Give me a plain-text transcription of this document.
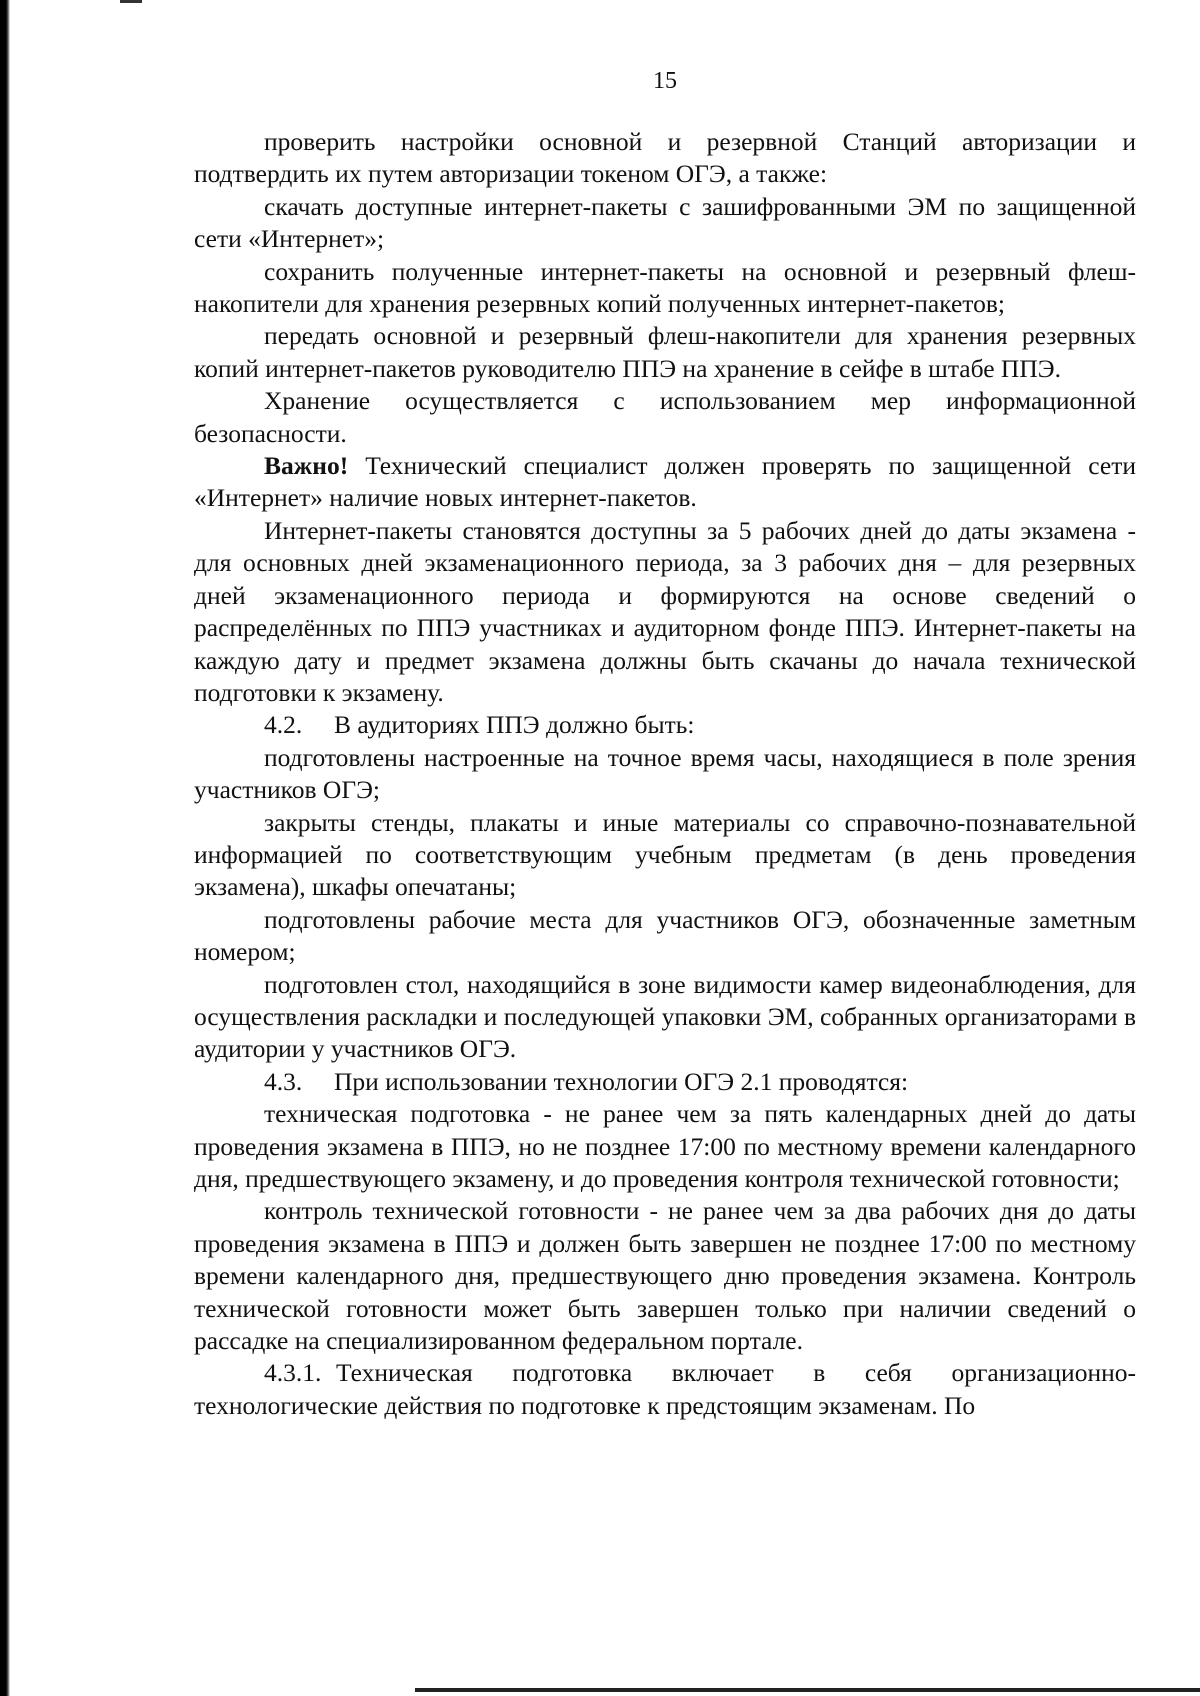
15

проверить настройки основной и резервной Станций авторизации и подтвердить их путем авторизации токеном ОГЭ, а также:

скачать доступные интернет-пакеты с зашифрованными ЭМ по защищенной сети «Интернет»;

сохранить полученные интернет-пакеты на основной и резервный флеш-накопители для хранения резервных копий полученных интернет-пакетов;

передать основной и резервный флеш-накопители для хранения резервных копий интернет-пакетов руководителю ППЭ на хранение в сейфе в штабе ППЭ.

Хранение осуществляется с использованием мер информационной безопасности.

Важно! Технический специалист должен проверять по защищенной сети «Интернет» наличие новых интернет-пакетов.

Интернет-пакеты становятся доступны за 5 рабочих дней до даты экзамена - для основных дней экзаменационного периода, за 3 рабочих дня – для резервных дней экзаменационного периода и формируются на основе сведений о распределённых по ППЭ участниках и аудиторном фонде ППЭ. Интернет-пакеты на каждую дату и предмет экзамена должны быть скачаны до начала технической подготовки к экзамену.

4.2. В аудиториях ППЭ должно быть:

подготовлены настроенные на точное время часы, находящиеся в поле зрения участников ОГЭ;

закрыты стенды, плакаты и иные материалы со справочно-познавательной информацией по соответствующим учебным предметам (в день проведения экзамена), шкафы опечатаны;

подготовлены рабочие места для участников ОГЭ, обозначенные заметным номером;

подготовлен стол, находящийся в зоне видимости камер видеонаблюдения, для осуществления раскладки и последующей упаковки ЭМ, собранных организаторами в аудитории у участников ОГЭ.

4.3. При использовании технологии ОГЭ 2.1 проводятся:

техническая подготовка - не ранее чем за пять календарных дней до даты проведения экзамена в ППЭ, но не позднее 17:00 по местному времени календарного дня, предшествующего экзамену, и до проведения контроля технической готовности;

контроль технической готовности - не ранее чем за два рабочих дня до даты проведения экзамена в ППЭ и должен быть завершен не позднее 17:00 по местному времени календарного дня, предшествующего дню проведения экзамена. Контроль технической готовности может быть завершен только при наличии сведений о рассадке на специализированном федеральном портале.

4.3.1. Техническая подготовка включает в себя организационно-технологические действия по подготовке к предстоящим экзаменам. По
